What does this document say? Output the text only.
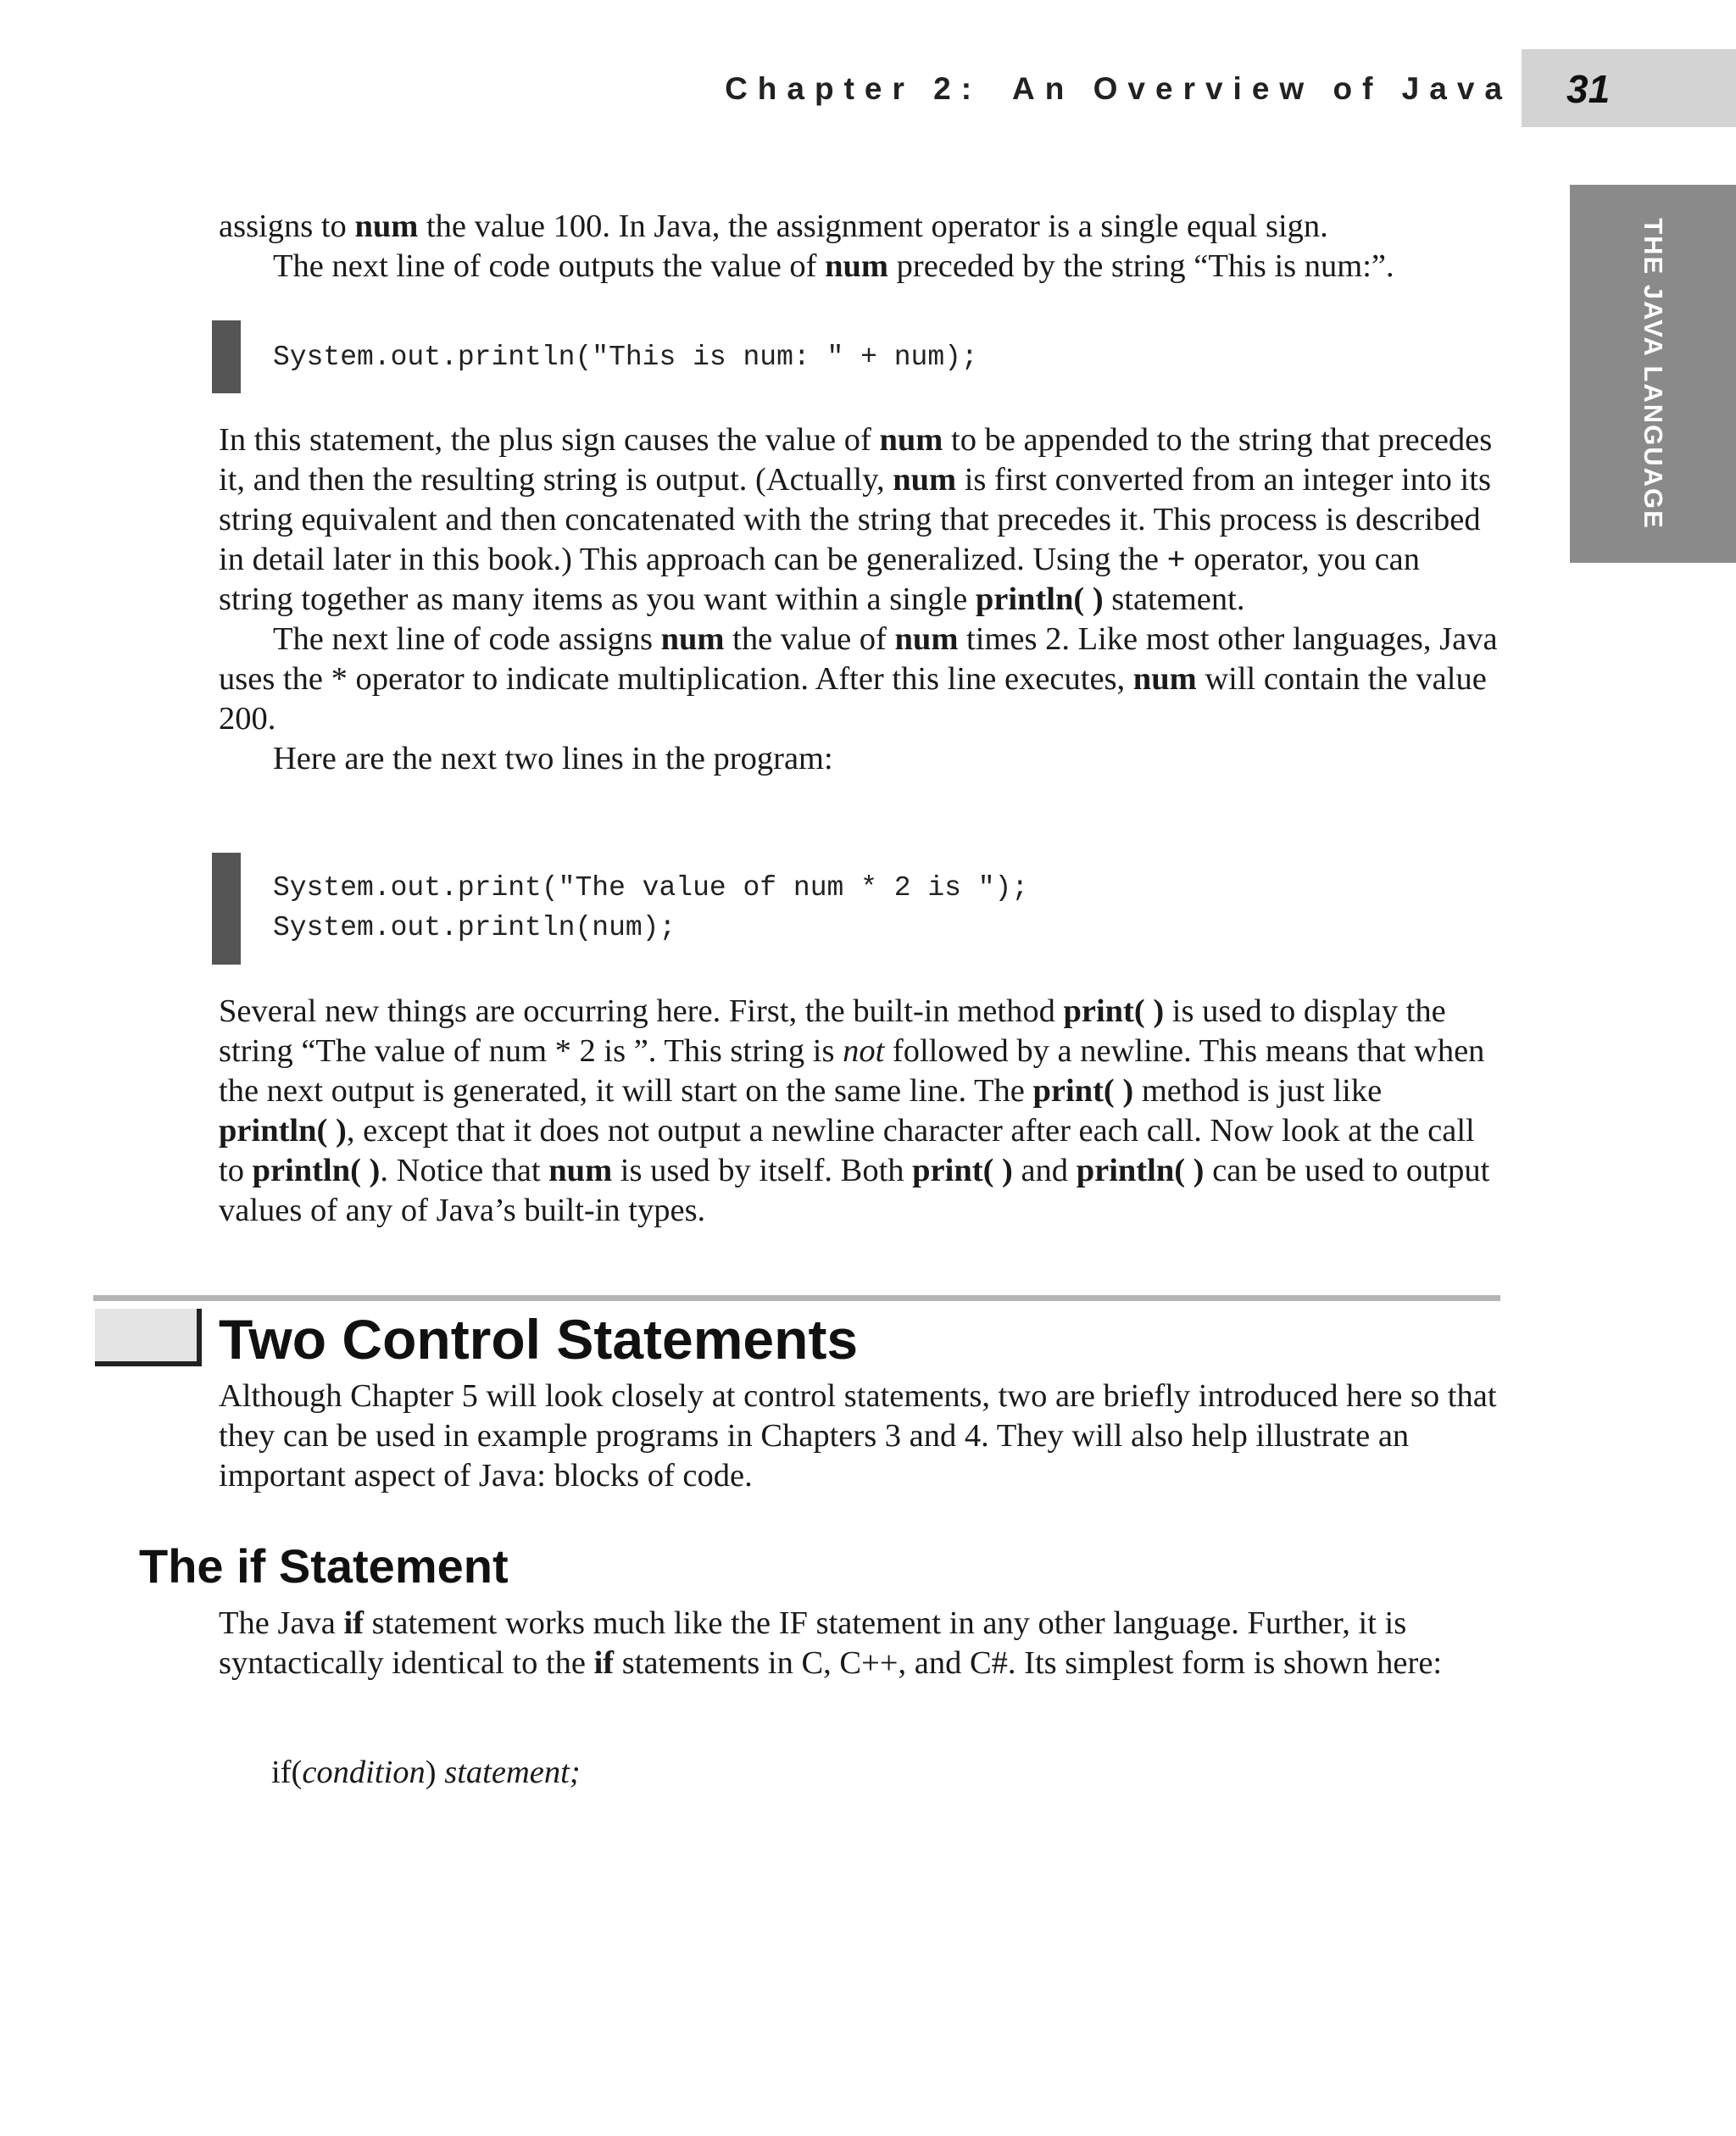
Chapter 2: An Overview of Java 31
THE JAVA LANGUAGE

assigns to num the value 100. In Java, the assignment operator is a single equal sign.

The next line of code outputs the value of num preceded by the string “This is num:”.

System.out.println("This is num: " + num);

In this statement, the plus sign causes the value of num to be appended to the string that precedes it, and then the resulting string is output. (Actually, num is first converted from an integer into its string equivalent and then concatenated with the string that precedes it. This process is described in detail later in this book.) This approach can be generalized. Using the + operator, you can string together as many items as you want within a single println( ) statement.

The next line of code assigns num the value of num times 2. Like most other languages, Java uses the * operator to indicate multiplication. After this line executes, num will contain the value 200.

Here are the next two lines in the program:

System.out.print("The value of num * 2 is ");
System.out.println(num);

Several new things are occurring here. First, the built-in method print( ) is used to display the string “The value of num * 2 is ”. This string is not followed by a newline. This means that when the next output is generated, it will start on the same line. The print( ) method is just like println( ), except that it does not output a newline character after each call. Now look at the call to println( ). Notice that num is used by itself. Both print( ) and println( ) can be used to output values of any of Java’s built-in types.

Two Control Statements

Although Chapter 5 will look closely at control statements, two are briefly introduced here so that they can be used in example programs in Chapters 3 and 4. They will also help illustrate an important aspect of Java: blocks of code.

The if Statement

The Java if statement works much like the IF statement in any other language. Further, it is syntactically identical to the if statements in C, C++, and C#. Its simplest form is shown here:

if(condition) statement;
